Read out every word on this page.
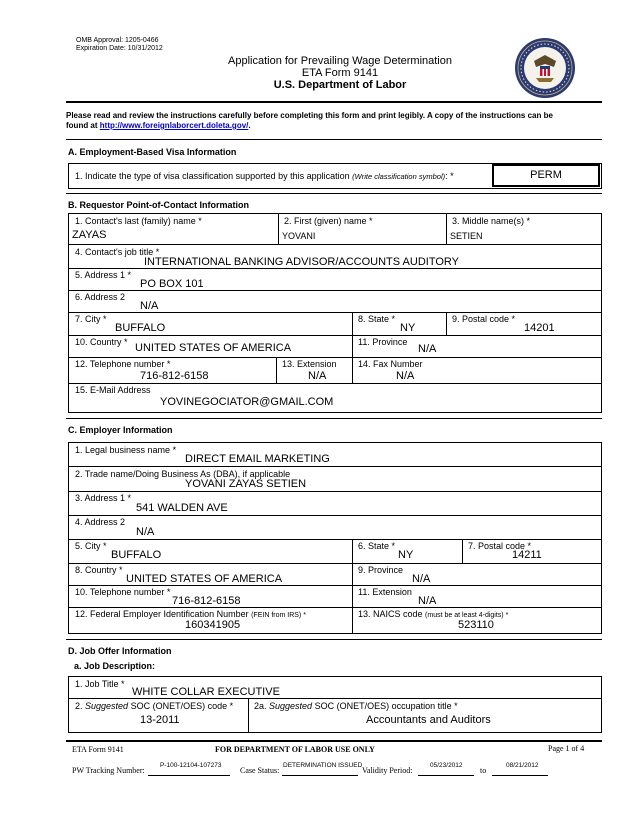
OMB Approval: 1205-0466
Expiration Date: 10/31/2012
Application for Prevailing Wage Determination
ETA Form 9141
U.S. Department of Labor
Please read and review the instructions carefully before completing this form and print legibly. A copy of the instructions can be
found at http://www.foreignlaborcert.doleta.gov/.
A. Employment-Based Visa Information
1. Indicate the type of visa classification supported by this application (Write classification symbol): *	PERM
B. Requestor Point-of-Contact Information
1. Contact's last (family) name *
ZAYAS
2. First (given) name *
YOVANI
3. Middle name(s) *
SETIEN
4. Contact's job title *
INTERNATIONAL BANKING ADVISOR/ACCOUNTS AUDITORY
5. Address 1 *
PO BOX 101
6. Address 2
N/A
7. City *
BUFFALO
8. State *
NY
9. Postal code *
14201
10. Country * UNITED STATES OF AMERICA	11. Province
N/A
12. Telephone number *
716-812-6158
13. Extension
N/A
14. Fax Number
N/A
15. E-Mail Address
YOVINEGOCIATOR@GMAIL.COM
C. Employer Information
1. Legal business name *
DIRECT EMAIL MARKETING
2. Trade name/Doing Business As (DBA), if applicable
YOVANI ZAYAS SETIEN
3. Address 1 *
541 WALDEN AVE
4. Address 2
N/A
5. City *
BUFFALO
6. State *
NY
7. Postal code *
14211
8. Country *
UNITED STATES OF AMERICA
9. Province
N/A
10. Telephone number *
716-812-6158
11. Extension
N/A
12. Federal Employer Identification Number (FEIN from IRS) *
160341905
13. NAICS code (must be at least 4-digits) *
523110
D. Job Offer Information
a. Job Description:
1. Job Title *
WHITE COLLAR EXECUTIVE
2. Suggested SOC (ONET/OES) code *
13-2011
2a. Suggested SOC (ONET/OES) occupation title *
Accountants and Auditors
ETA Form 9141	FOR DEPARTMENT OF LABOR USE ONLY	Page 1 of 4
PW Tracking Number:
P-100-12104-107273
Case Status:
DETERMINATION ISSUED
Validity Period:
05/23/2012
to
08/21/2012
